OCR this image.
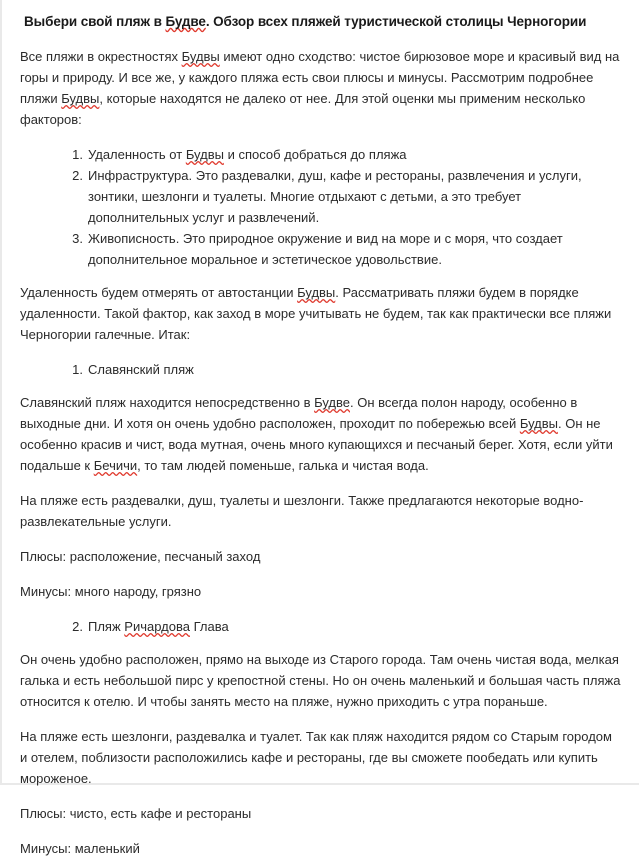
Выбери свой пляж в Будве. Обзор всех пляжей туристической столицы Черногории

Все пляжи в окрестностях Будвы имеют одно сходство: чистое бирюзовое море и красивый вид на горы и природу. И все же, у каждого пляжа есть свои плюсы и минусы. Рассмотрим подробнее пляжи Будвы, которые находятся не далеко от нее. Для этой оценки мы применим несколько факторов:

Удаленность от Будвы и способ добраться до пляжа
Инфраструктура. Это раздевалки, душ, кафе и рестораны, развлечения и услуги, зонтики, шезлонги и туалеты. Многие отдыхают с детьми, а это требует дополнительных услуг и развлечений.
Живописность. Это природное окружение и вид на море и с моря, что создает дополнительное моральное и эстетическое удовольствие.

Удаленность будем отмерять от автостанции Будвы. Рассматривать пляжи будем в порядке удаленности. Такой фактор, как заход в море учитывать не будем, так как практически все пляжи Черногории галечные. Итак:

Славянский пляж

Славянский пляж находится непосредственно в Будве. Он всегда полон народу, особенно в выходные дни. И хотя он очень удобно расположен, проходит по побережью всей Будвы. Он не особенно красив и чист, вода мутная, очень много купающихся и песчаный берег. Хотя, если уйти подальше к Бечичи, то там людей поменьше, галька и чистая вода.

На пляже есть раздевалки, душ, туалеты и шезлонги. Также предлагаются некоторые водно-развлекательные услуги.

Плюсы: расположение, песчаный заход

Минусы: много народу, грязно

Пляж Ричардова Глава

Он очень удобно расположен, прямо на выходе из Старого города. Там очень чистая вода, мелкая галька и есть небольшой пирс у крепостной стены. Но он очень маленький и большая часть пляжа относится к отелю. И чтобы занять место на пляже, нужно приходить с утра пораньше.

На пляже есть шезлонги, раздевалка и туалет. Так как пляж находится рядом со Старым городом и отелем, поблизости расположились кафе и рестораны, где вы сможете пообедать или купить мороженое.

Плюсы: чисто, есть кафе и рестораны

Минусы: маленький
